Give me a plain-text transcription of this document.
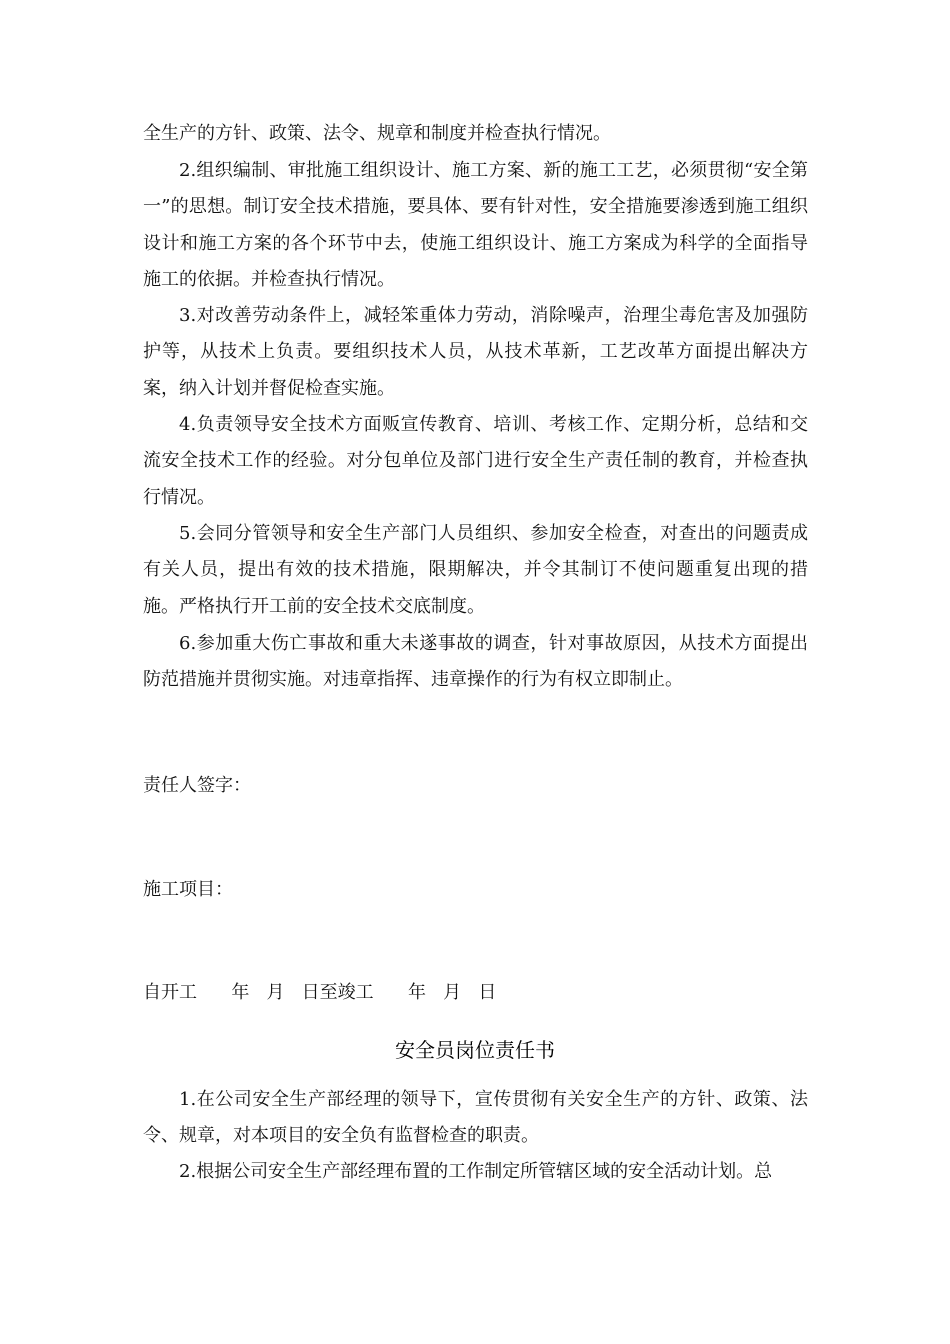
全生产的方针、政策、法令、规章和制度并检查执行情况。

2.组织编制、审批施工组织设计、施工方案、新的施工工艺，必须贯彻“安全第一”的思想。制订安全技术措施，要具体、要有针对性，安全措施要渗透到施工组织设计和施工方案的各个环节中去，使施工组织设计、施工方案成为科学的全面指导施工的依据。并检查执行情况。

3.对改善劳动条件上，减轻笨重体力劳动，消除噪声，治理尘毒危害及加强防护等，从技术上负责。要组织技术人员，从技术革新，工艺改革方面提出解决方案，纳入计划并督促检查实施。

4.负责领导安全技术方面贩宣传教育、培训、考核工作、定期分析，总结和交流安全技术工作的经验。对分包单位及部门进行安全生产责任制的教育，并检查执行情况。

5.会同分管领导和安全生产部门人员组织、参加安全检查，对查出的问题责成有关人员，提出有效的技术措施，限期解决，并令其制订不使问题重复出现的措施。严格执行开工前的安全技术交底制度。

6.参加重大伤亡事故和重大未遂事故的调查，针对事故原因，从技术方面提出防范措施并贯彻实施。对违章指挥、违章操作的行为有权立即制止。

责任人签字：

施工项目：

自开工      年   月   日至竣工      年   月   日

安全员岗位责任书

1.在公司安全生产部经理的领导下，宣传贯彻有关安全生产的方针、政策、法令、规章，对本项目的安全负有监督检查的职责。

2.根据公司安全生产部经理布置的工作制定所管辖区域的安全活动计划。总
